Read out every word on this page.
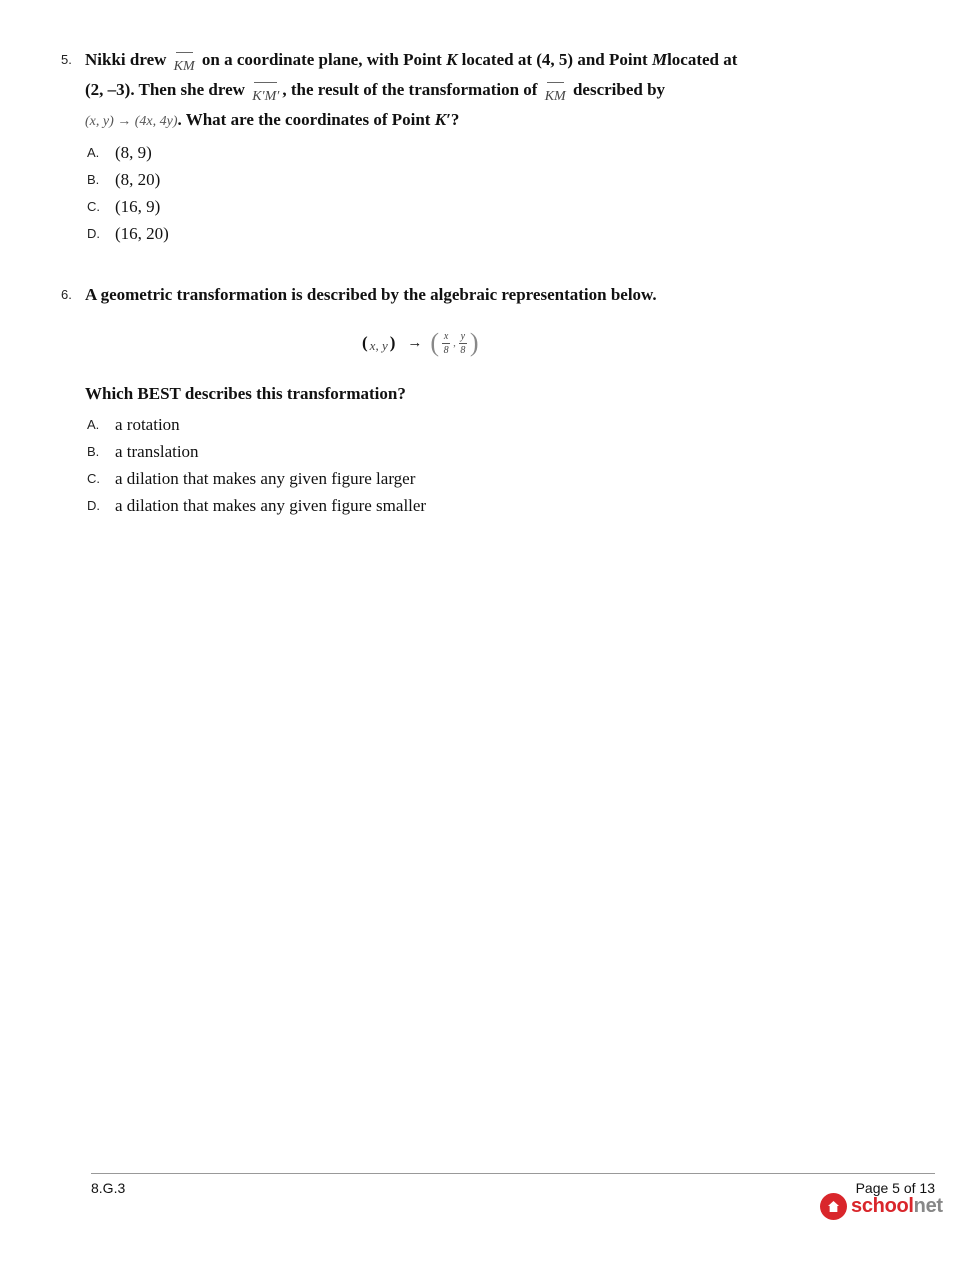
5. Nikki drew KM on a coordinate plane, with Point K located at (4, 5) and Point Mlocated at
(2, –3). Then she drew K′M′ , the result of the transformation of KM described by
(x, y) → (4x, 4y). What are the coordinates of Point K′?
A. (8, 9)
B. (8, 20)
C. (16, 9)
D. (16, 20)
6. A geometric transformation is described by the algebraic representation below.
( x, y ) → ( $\frac{x}{8}$ , $\frac{y}{8}$ )
Which BEST describes this transformation?
A. a rotation
B. a translation
C. a dilation that makes any given figure larger
D. a dilation that makes any given figure smaller
8.G.3	Page 5 of 13
schoolnet
